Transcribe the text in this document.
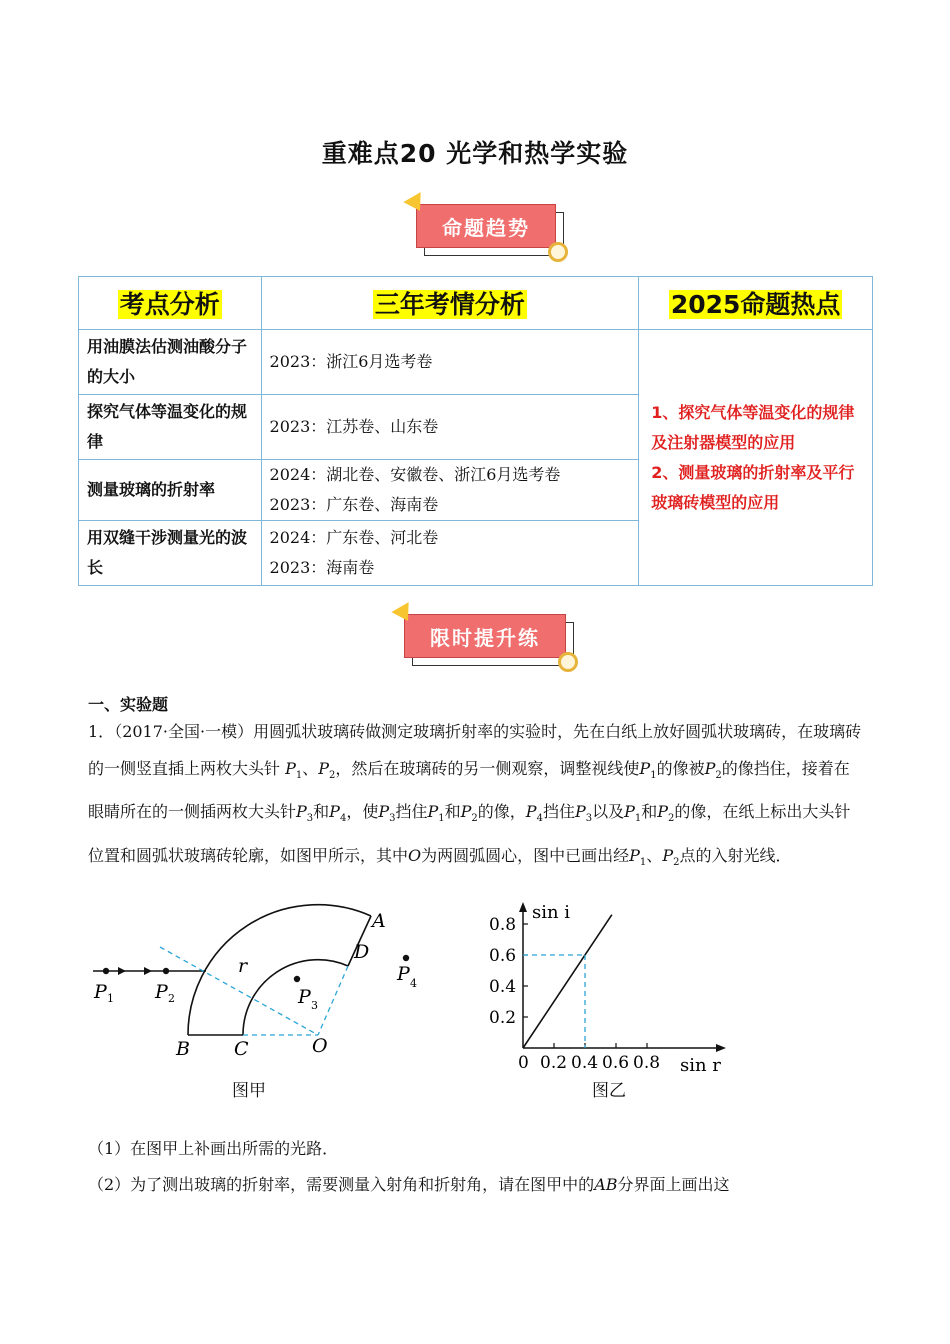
重难点20 光学和热学实验
命题趋势
考点分析	三年考情分析	2025命题热点
用油膜法估测油酸分子的大小	2023：浙江6月选考卷	1、探究气体等温变化的规律及注射器模型的应用
2、测量玻璃的折射率及平行玻璃砖模型的应用

探究气体等温变化的规律	2023：江苏卷、山东卷	

测量玻璃的折射率	2024：湖北卷、安徽卷、浙江6月选考卷
2023：广东卷、海南卷	

用双缝干涉测量光的波长	2024：广东卷、河北卷
2023：海南卷	
限时提升练
一、实验题
1．（2017·全国·一模）用圆弧状玻璃砖做测定玻璃折射率的实验时，先在白纸上放好圆弧状玻璃砖，在玻璃砖的一侧竖直插上两枚大头针 $P_1$、$P_2$，然后在玻璃砖的另一侧观察，调整视线使$P_1$的像被$P_2$的像挡住，接着在眼睛所在的一侧插两枚大头针$P_3$和$P_4$，使$P_3$挡住$P_1$和$P_2$的像，$P_4$挡住$P_3$以及$P_1$和$P_2$的像，在纸上标出大头针位置和圆弧状玻璃砖轮廓，如图甲所示，其中O为两圆弧圆心，图中已画出经$P_1$、$P_2$点的入射光线．
P 1 P 2	P 3
P 4
r
A
D
B C	O
图甲
0.2
0.4
0.6
0.8
0 0.2 0.4 0.6 0.8
sin i
sin r
图乙
（1）在图甲上补画出所需的光路．
（2）为了测出玻璃的折射率，需要测量入射角和折射角，请在图甲中的AB分界面上画出这
